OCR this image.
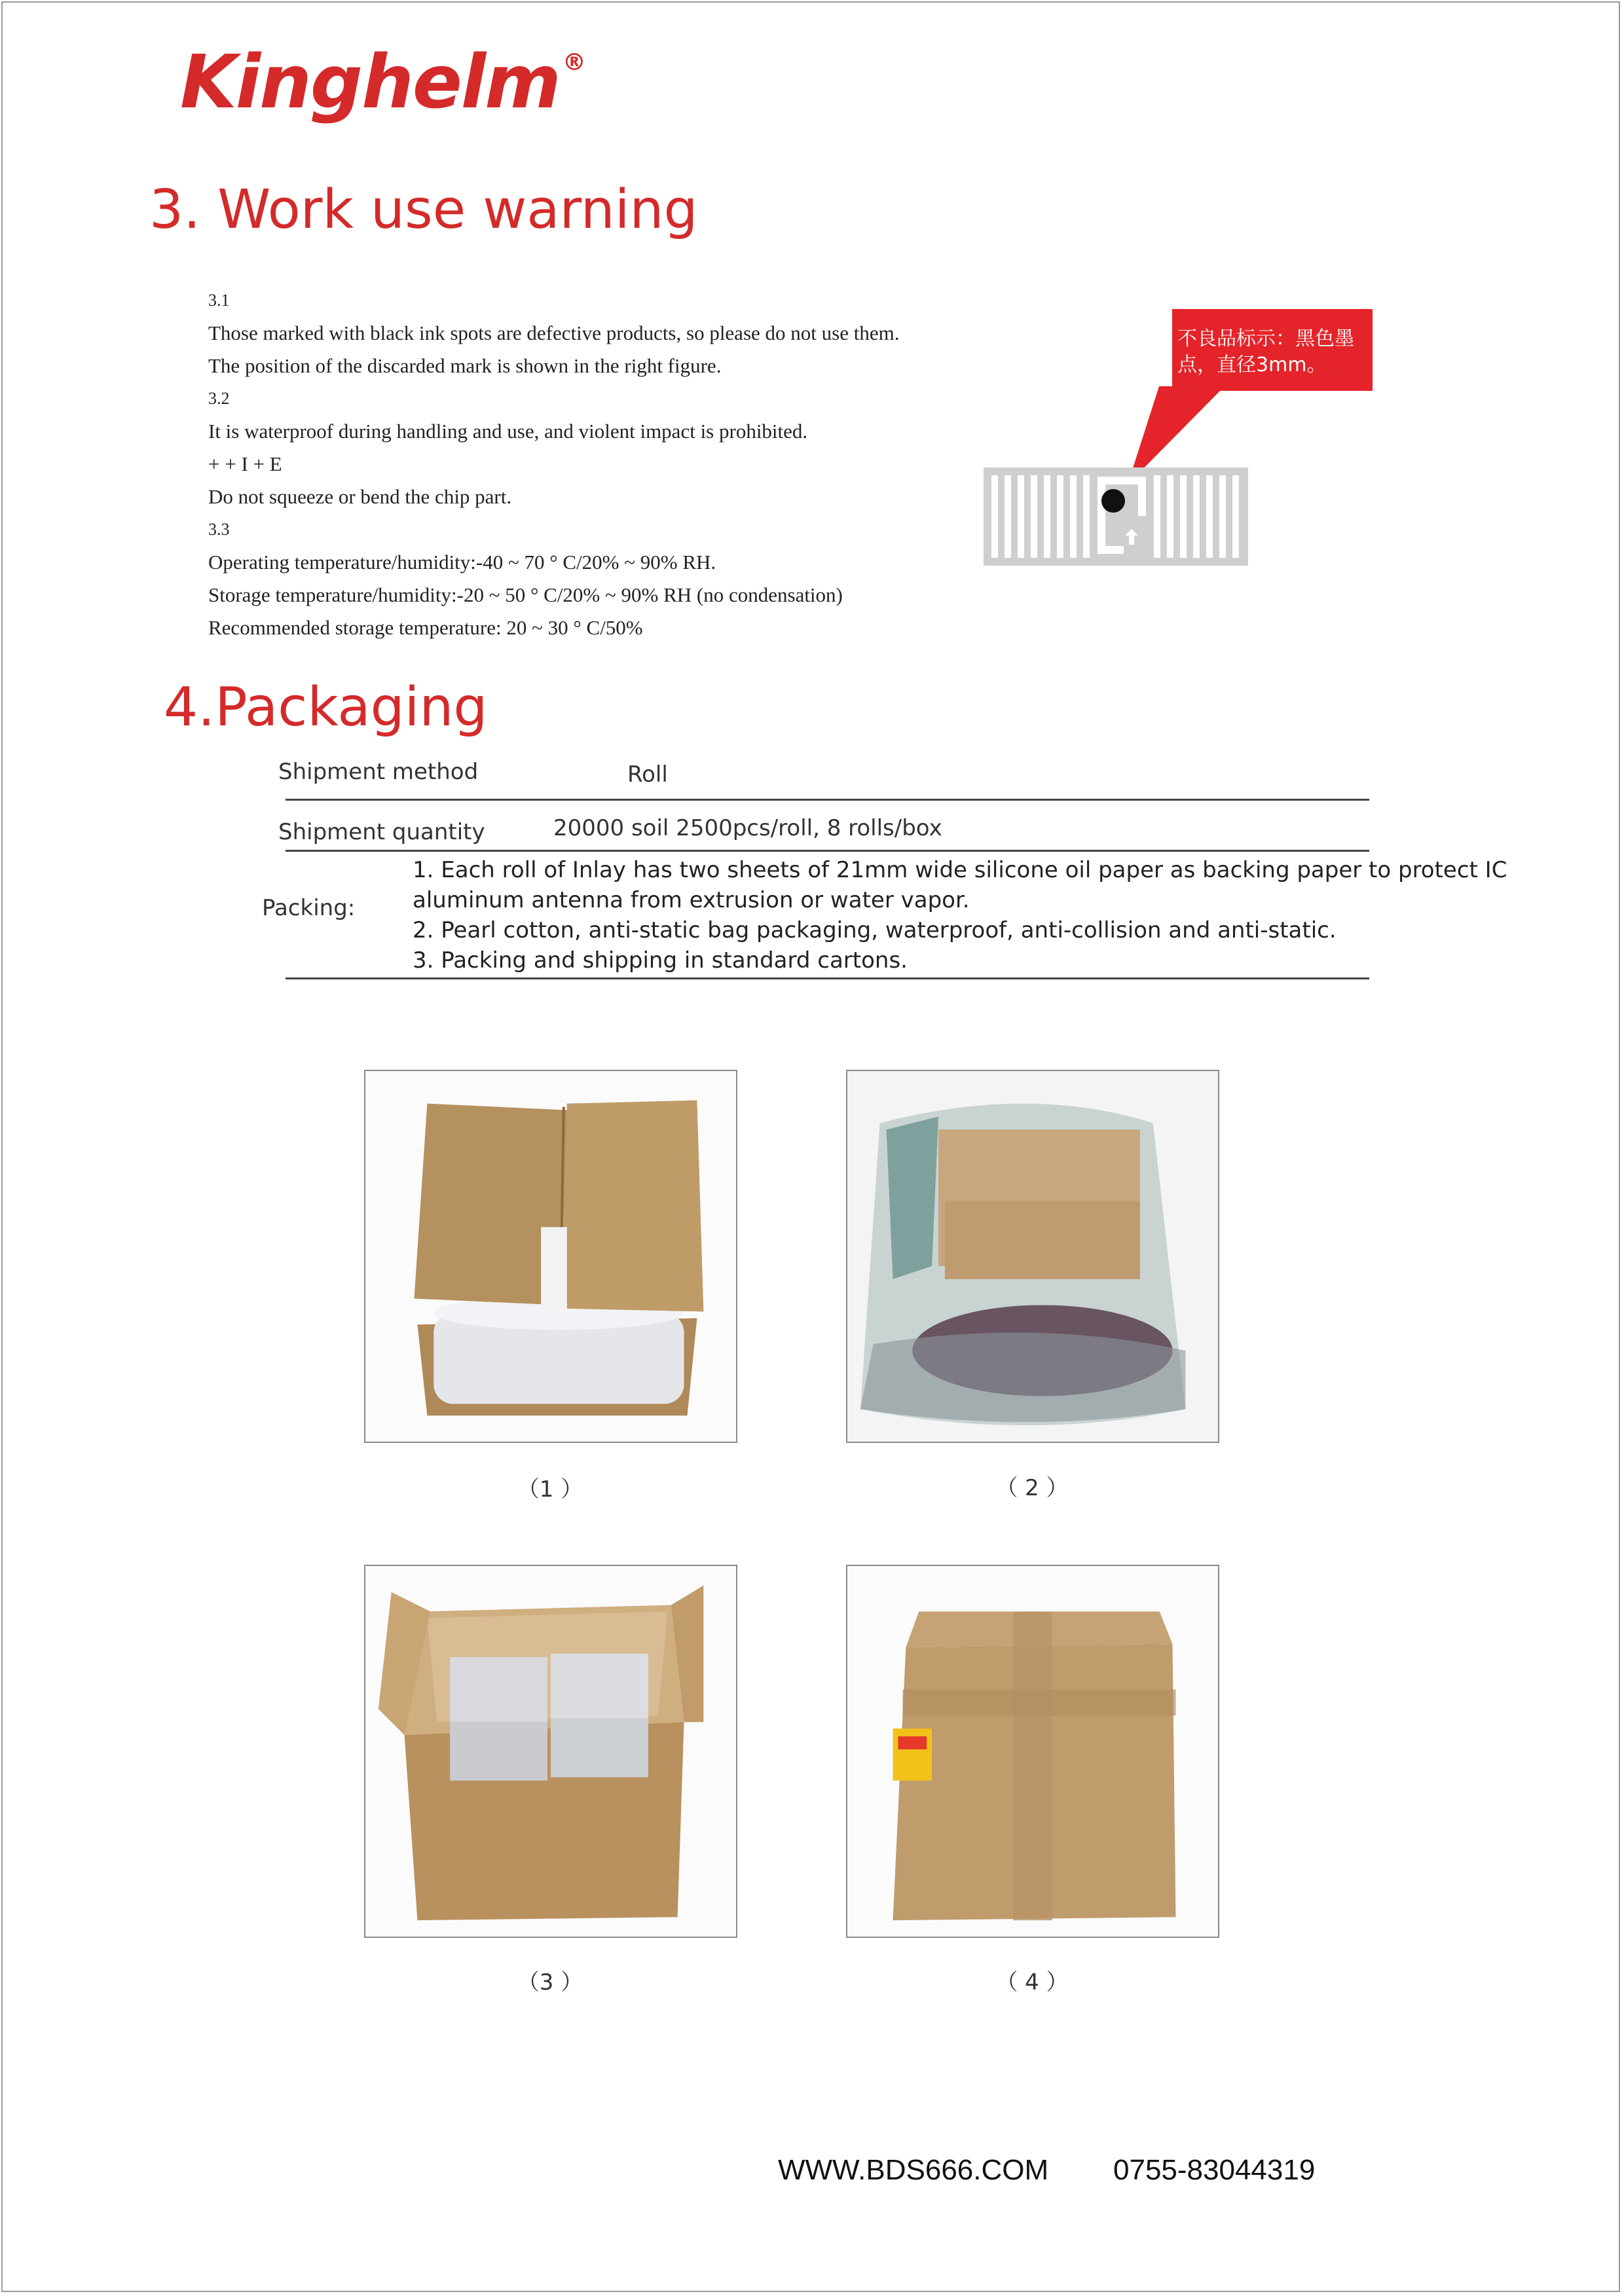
Kinghelm ®
3. Work use warning
3.1
Those marked with black ink spots are defective products, so please do not use them.
The position of the discarded mark is shown in the right figure.
3.2
It is waterproof during handling and use, and violent impact is prohibited.
+ + I + E
Do not squeeze or bend the chip part.
3.3
Operating temperature/humidity:-40 ~ 70 ° C/20% ~ 90% RH.
Storage temperature/humidity:-20 ~ 50 ° C/20% ~ 90% RH (no condensation)
Recommended storage temperature: 20 ~ 30 ° C/50%
不良品标示：黑色墨
点，直径3mm。
4.Packaging
Shipment method	Roll
Shipment quantity	20000 soil 2500pcs/roll, 8 rolls/box
Packing:
1. Each roll of Inlay has two sheets of 21mm wide silicone oil paper as backing paper to protect IC
aluminum antenna from extrusion or water vapor.
2. Pearl cotton, anti-static bag packaging, waterproof, anti-collision and anti-static.
3. Packing and shipping in standard cartons.
（1 ）	（ 2 ）
（3 ）	（ 4 ）
WWW.BDS666.COM 0755-83044319
